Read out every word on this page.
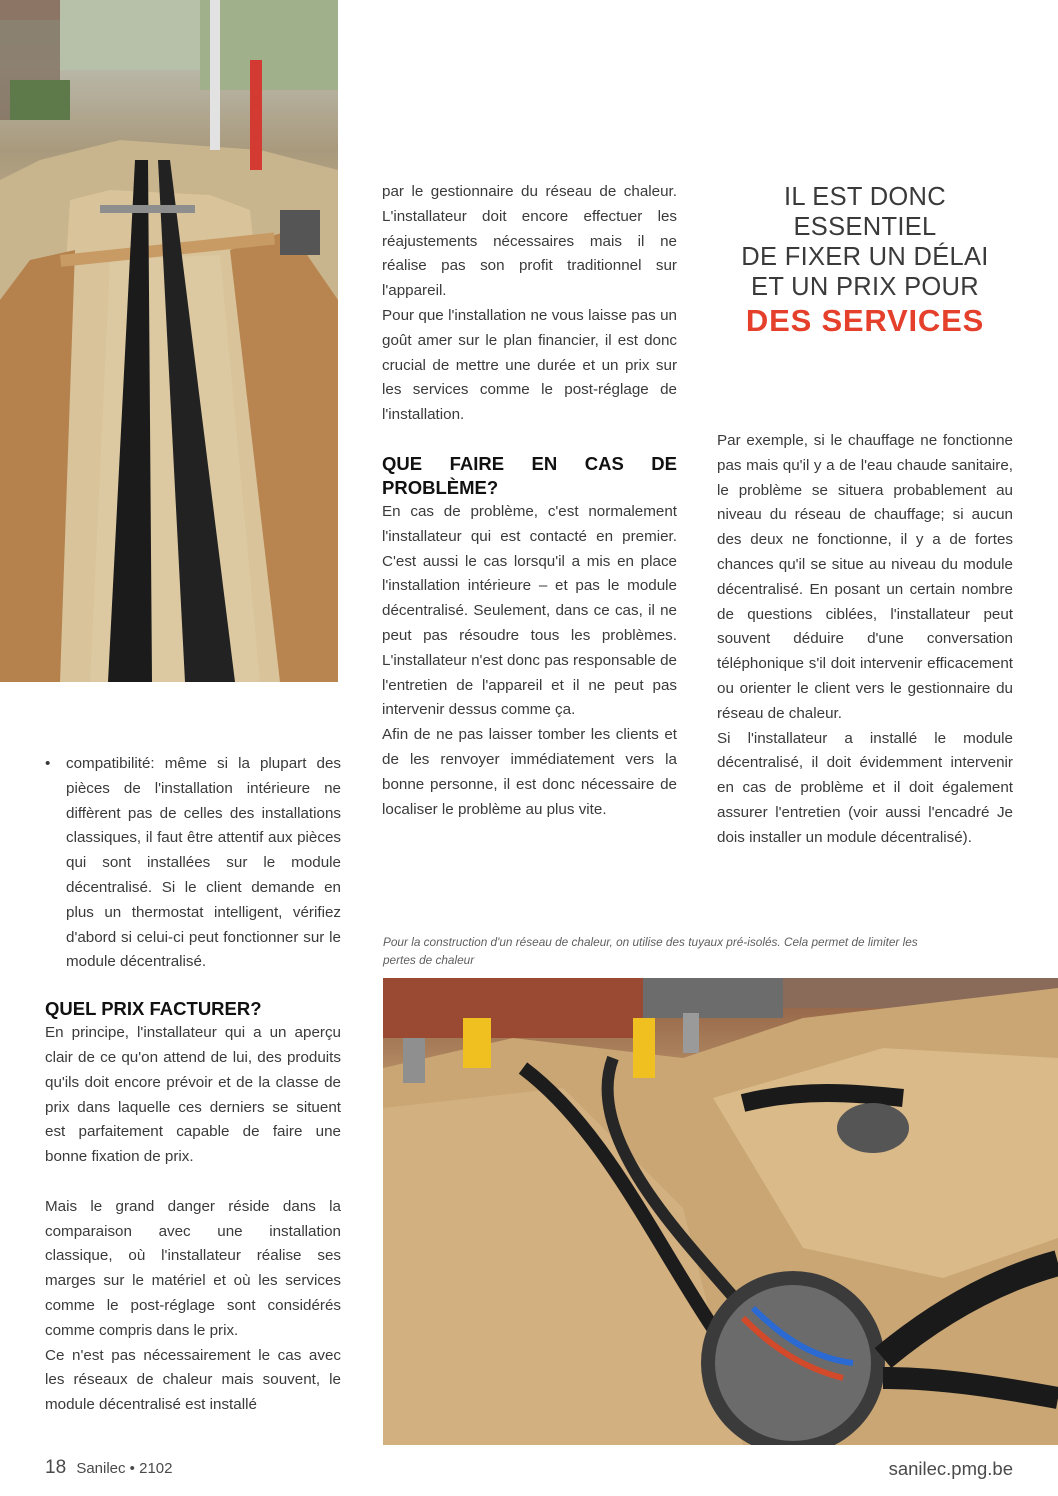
par le gestionnaire du réseau de chaleur. L'installateur doit encore effectuer les réajustements nécessaires mais il ne réalise pas son profit traditionnel sur l'appareil.

Pour que l'installation ne vous laisse pas un goût amer sur le plan financier, il est donc crucial de mettre une durée et un prix sur les services comme le post-réglage de l'installation.

QUE FAIRE EN CAS DE PROBLÈME?

En cas de problème, c'est normalement l'installateur qui est contacté en premier. C'est aussi le cas lorsqu'il a mis en place l'installation intérieure – et pas le module décentralisé. Seulement, dans ce cas, il ne peut pas résoudre tous les problèmes. L'installateur n'est donc pas responsable de l'entretien de l'appareil et il ne peut pas intervenir dessus comme ça.

Afin de ne pas laisser tomber les clients et de les renvoyer immédiatement vers la bonne personne, il est donc nécessaire de localiser le problème au plus vite.

IL EST DONC ESSENTIEL
DE FIXER UN DÉLAI
ET UN PRIX POUR
DES SERVICES

Par exemple, si le chauffage ne fonctionne pas mais qu'il y a de l'eau chaude sanitaire, le problème se situera probablement au niveau du réseau de chauffage; si aucun des deux ne fonctionne, il y a de fortes chances qu'il se situe au niveau du module décentralisé. En posant un certain nombre de questions ciblées, l'installateur peut souvent déduire d'une conversation téléphonique s'il doit intervenir efficacement ou orienter le client vers le gestionnaire du réseau de chaleur.

Si l'installateur a installé le module décentralisé, il doit évidemment intervenir en cas de problème et il doit également assurer l'entretien (voir aussi l'encadré Je dois installer un module décentralisé).

• compatibilité: même si la plupart des pièces de l'installation intérieure ne diffèrent pas de celles des installations classiques, il faut être attentif aux pièces qui sont installées sur le module décentralisé. Si le client demande en plus un thermostat intelligent, vérifiez d'abord si celui-ci peut fonctionner sur le module décentralisé.

QUEL PRIX FACTURER?

En principe, l'installateur qui a un aperçu clair de ce qu'on attend de lui, des produits qu'ils doit encore prévoir et de la classe de prix dans laquelle ces derniers se situent est parfaitement capable de faire une bonne fixation de prix.

Mais le grand danger réside dans la comparaison avec une installation classique, où l'installateur réalise ses marges sur le matériel et où les services comme le post-réglage sont considérés comme compris dans le prix.

Ce n'est pas nécessairement le cas avec les réseaux de chaleur mais souvent, le module décentralisé est installé

Pour la construction d'un réseau de chaleur, on utilise des tuyaux pré-isolés. Cela permet de limiter les pertes de chaleur
18 Sanilec • 2102	sanilec.pmg.be
